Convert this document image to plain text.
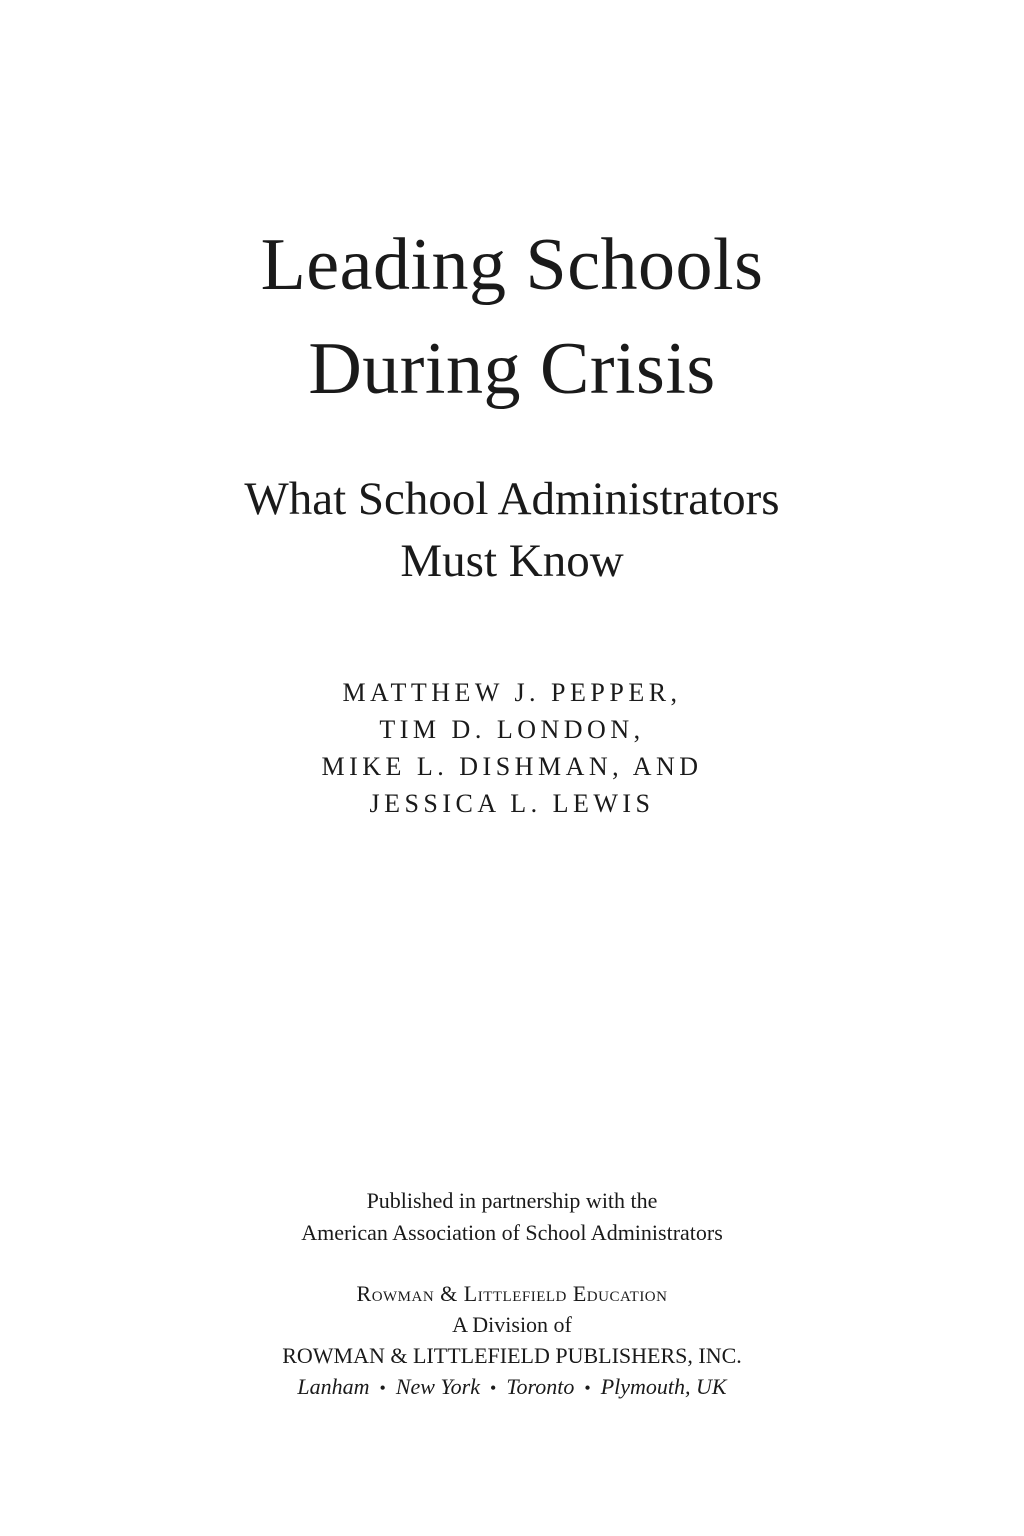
Leading Schools
During Crisis
What School Administrators
Must Know
MATTHEW J. PEPPER,
TIM D. LONDON,
MIKE L. DISHMAN, AND
JESSICA L. LEWIS
Published in partnership with the
American Association of School Administrators
Rowman & Littlefield Education
A Division of
ROWMAN & LITTLEFIELD PUBLISHERS, INC.
Lanham • New York • Toronto • Plymouth, UK
